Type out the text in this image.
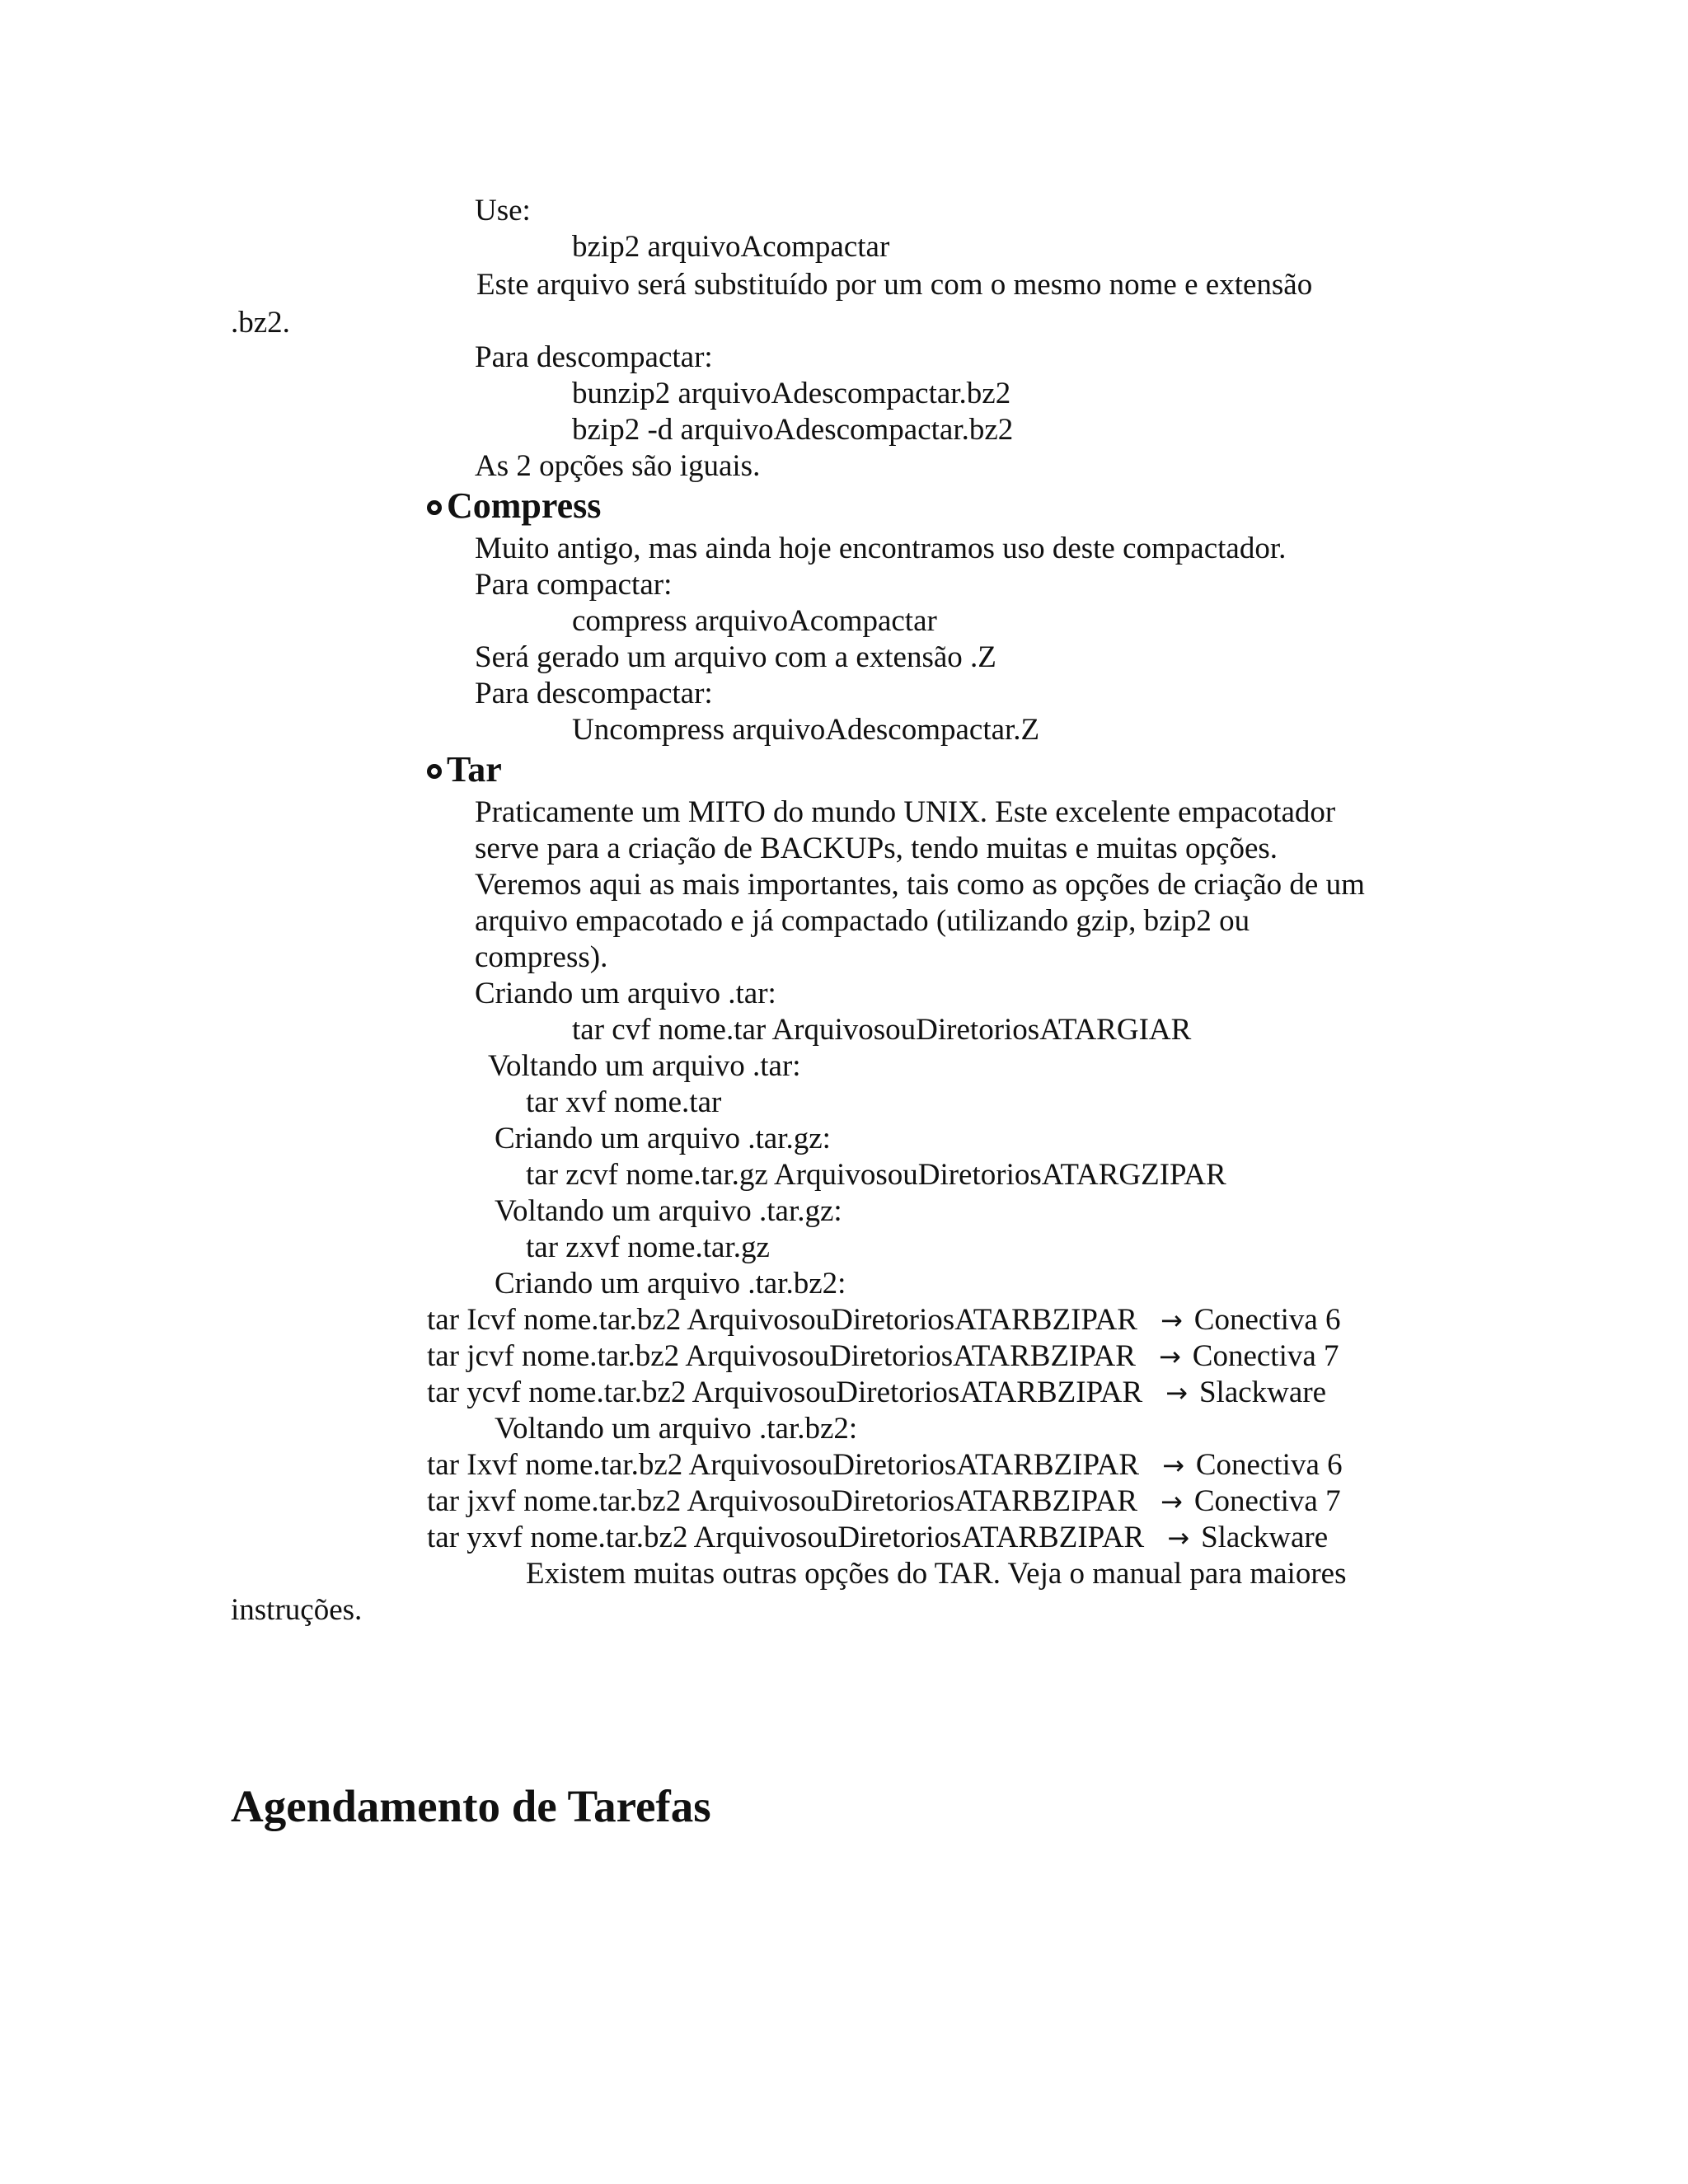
Use:
bzip2 arquivoAcompactar
Este arquivo será substituído por um com o mesmo nome e extensão
.bz2.
Para descompactar:
bunzip2 arquivoAdescompactar.bz2
bzip2 -d arquivoAdescompactar.bz2
As 2 opções são iguais.
Compress
Muito antigo, mas ainda hoje encontramos uso deste compactador.
Para compactar:
compress arquivoAcompactar
Será gerado um arquivo com a extensão .Z
Para descompactar:
Uncompress arquivoAdescompactar.Z
Tar
Praticamente um MITO do mundo UNIX. Este excelente empacotador
serve para a criação de BACKUPs, tendo muitas e muitas opções.
Veremos aqui as mais importantes, tais como as opções de criação de um
arquivo empacotado e já compactado (utilizando gzip, bzip2 ou
compress).
Criando um arquivo .tar:
tar cvf nome.tar ArquivosouDiretoriosATARGIAR
Voltando um arquivo .tar:
tar xvf nome.tar
Criando um arquivo .tar.gz:
tar zcvf nome.tar.gz ArquivosouDiretoriosATARGZIPAR
Voltando um arquivo .tar.gz:
tar zxvf nome.tar.gz
Criando um arquivo .tar.bz2:
tar Icvf nome.tar.bz2 ArquivosouDiretoriosATARBZIPAR → Conectiva 6
tar jcvf nome.tar.bz2 ArquivosouDiretoriosATARBZIPAR → Conectiva 7
tar ycvf nome.tar.bz2 ArquivosouDiretoriosATARBZIPAR → Slackware
Voltando um arquivo .tar.bz2:
tar Ixvf nome.tar.bz2 ArquivosouDiretoriosATARBZIPAR → Conectiva 6
tar jxvf nome.tar.bz2 ArquivosouDiretoriosATARBZIPAR → Conectiva 7
tar yxvf nome.tar.bz2 ArquivosouDiretoriosATARBZIPAR → Slackware
Existem muitas outras opções do TAR. Veja o manual para maiores
instruções.
Agendamento de Tarefas
